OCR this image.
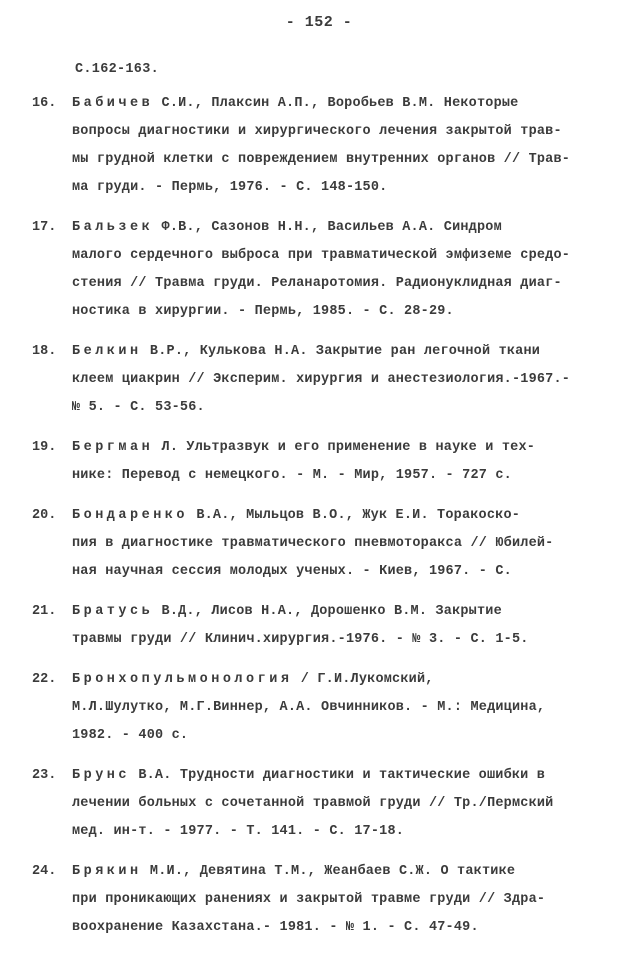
- 152 -
С.162-163.
16.	Бабичев С.И., Плаксин А.П., Воробьев В.М. Некоторые
вопросы диагностики и хирургического лечения закрытой трав-
мы грудной клетки с повреждением внутренних органов // Трав-
ма груди. - Пермь, 1976. - С. 148-150.
17.	Бальзек Ф.В., Сазонов Н.Н., Васильев А.А. Синдром
малого сердечного выброса при травматической эмфиземе средо-
стения // Травма груди. Реланаротомия. Радионуклидная диаг-
ностика в хирургии. - Пермь, 1985. - С. 28-29.
18.	Белкин В.Р., Кулькова Н.А. Закрытие ран легочной ткани
клеем циакрин // Эксперим. хирургия и анестезиология.-1967.-
№ 5. - С. 53-56.
19.	Бергман Л. Ультразвук и его применение в науке и тех-
нике: Перевод с немецкого. - М. - Мир, 1957. - 727 с.
20.	Бондаренко В.А., Мыльцов В.О., Жук Е.И. Торакоско-
пия в диагностике травматического пневмоторакса // Юбилей-
ная научная сессия молодых ученых. - Киев, 1967. - С.
21.	Братусь В.Д., Лисов Н.А., Дорошенко В.М. Закрытие
травмы груди // Клинич.хирургия.-1976. - № 3. - С. 1-5.
22.	Бронхопульмонология / Г.И.Лукомский,
М.Л.Шулутко, М.Г.Виннер, А.А. Овчинников. - М.: Медицина,
1982. - 400 с.
23.	Брунс В.А. Трудности диагностики и тактические ошибки в
лечении больных с сочетанной травмой груди // Тр./Пермский
мед. ин-т. - 1977. - Т. 141. - С. 17-18.
24.	Брякин М.И., Девятина Т.М., Жеанбаев С.Ж. О тактике
при проникающих ранениях и закрытой травме груди // Здра-
воохранение Казахстана.- 1981. - № 1. - С. 47-49.
